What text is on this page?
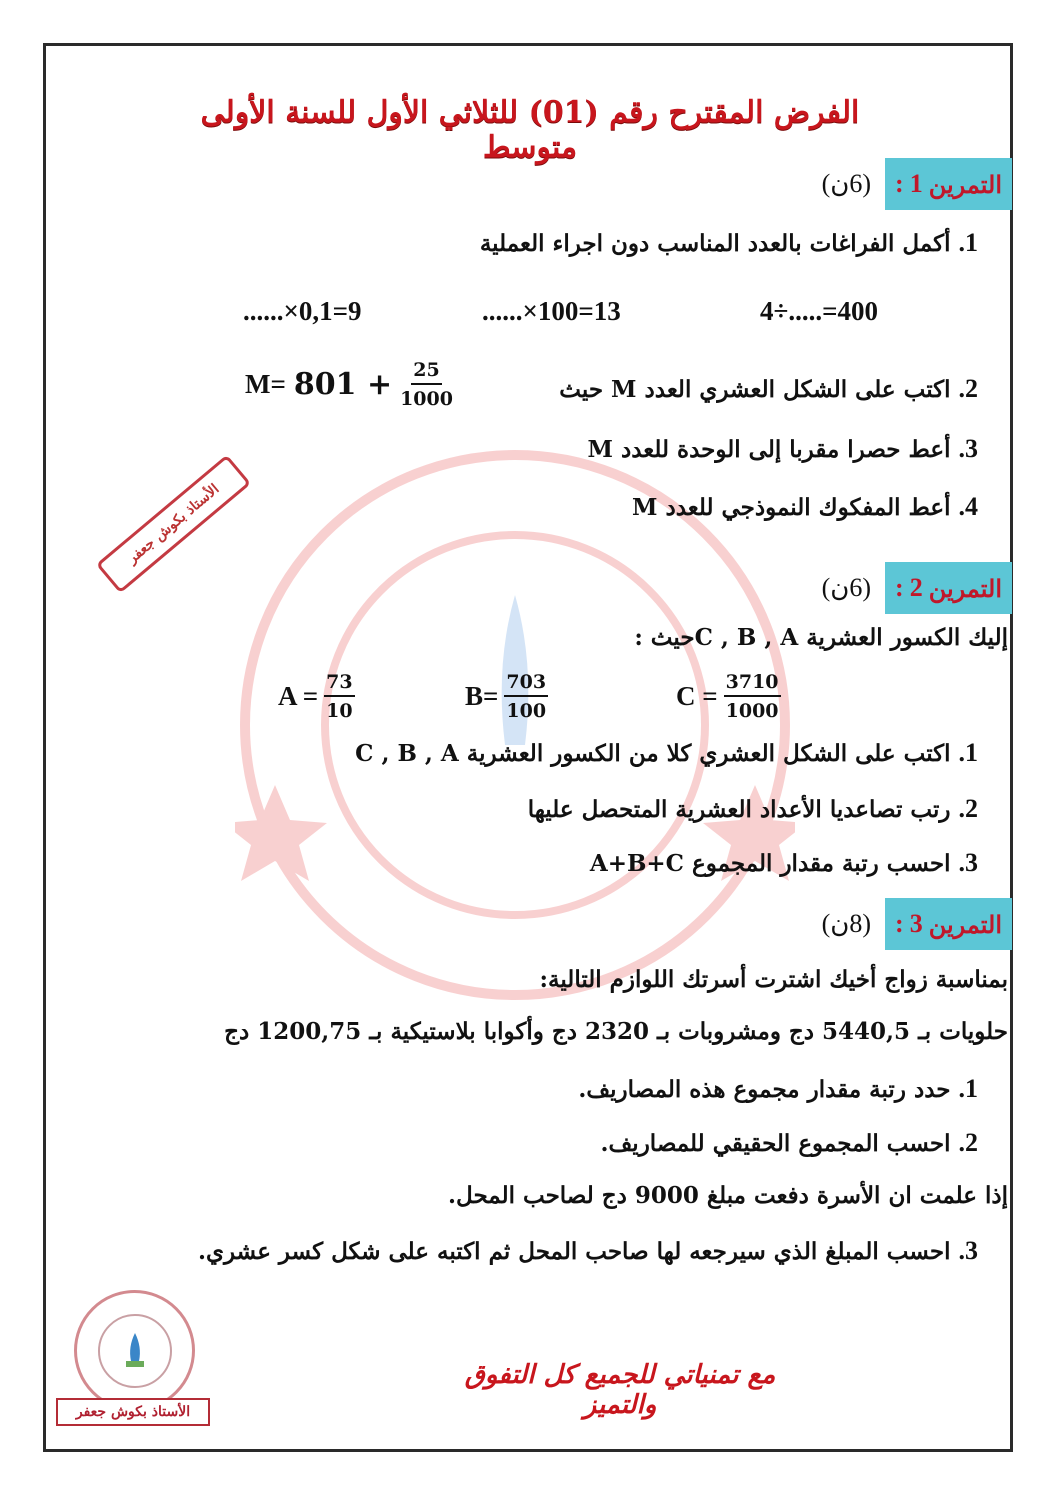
الفرض المقترح رقم (01) للثلاثي الأول للسنة الأولى متوسط
التمرين
1
:
(6ن)
1. أكمل الفراغات بالعدد المناسب دون اجراء العملية
4÷.....=400
......×100=13
......×0,1=9
2. اكتب على الشكل العشري العدد M حيث
$M= 801 + \frac{25}{1000}$
3. أعط حصرا مقربا إلى الوحدة للعدد M
4. أعط المفكوك النموذجي للعدد M
الأستاذ بكوش جعفر
التمرين
2
:
(6ن)
إليك الكسور العشرية C , B , Aحيث :
$A = \frac{73}{10}$	$B= \frac{703}{100}$	$C = \frac{3710}{1000}$
1. اكتب على الشكل العشري كلا من الكسور العشرية C , B , A
2. رتب تصاعديا الأعداد العشرية المتحصل عليها
3. احسب رتبة مقدار المجموع A+B+C
التمرين
3
:
(8ن)
بمناسبة زواج أخيك اشترت أسرتك اللوازم التالية:
حلويات بـ 5440,5 دج ومشروبات بـ 2320 دج وأكوابا بلاستيكية بـ 1200,75 دج
1. حدد رتبة مقدار مجموع هذه المصاريف.
2. احسب المجموع الحقيقي للمصاريف.
إذا علمت ان الأسرة دفعت مبلغ 9000 دج لصاحب المحل.
3. احسب المبلغ الذي سيرجعه لها صاحب المحل ثم اكتبه على شكل كسر عشري.
الأستاذ بكوش جعفر
مع تمنياتي للجميع كل التفوق والتميز
